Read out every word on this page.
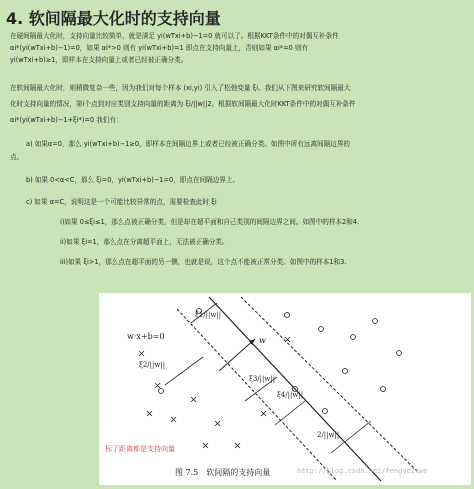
4. 软间隔最大化时的支持向量
在硬间隔最大化时，支持向量比较简单，就是满足 yi(wTxi+b)−1=0 就可以了。根据KKT条件中的对偶互补条件
αi*(yi(wTxi+b)−1)=0，如果 αi*>0 则有 yi(wTxi+b)=1 即点在支持向量上，否则如果 αi*=0 则有
yi(wTxi+b)≥1，即样本在支持向量上或者已经被正确分类。
在软间隔最大化时，则稍微复杂一些，因为我们对每个样本 (xi,yi) 引入了松弛变量 ξi。我们从下图来研究软间隔最大
化时支持向量的情况，第i个点到对应类别支持向量的距离为 ξi/||w||2。根据软间隔最大化时KKT条件中的对偶互补条件
αi*(yi(wTxi+b)−1+ξi*)=0 我们有：
a) 如果α=0，那么 yi(wTxi+b)−1≥0，即样本在间隔边界上或者已经被正确分类。如图中所有远离间隔边界的
点。
b) 如果 0<α<C，那么 ξi=0，yi(wTxi+b)−1=0，即点在间隔边界上。
c) 如果 α=C，说明这是一个可能比较异常的点，需要检查此时 ξi
i)如果 0≤ξi≤1，那么点被正确分类，但是却在超平面和自己类别的间隔边界之间。如图中的样本2和4.
ii)如果 ξi=1，那么点在分离超平面上，无法被正确分类。
iii)如果 ξi>1，那么点在超平面的另一侧，也就是说，这个点不能被正常分类。如图中的样本1和3.
w·x+b=0	w
ξ1/||w||
ξ2/||w||
ξ3/||w||
ξ4/||w||
2/||w||
标了距离都是支持向量
图 7.5　软间隔的支持向量	http://blog.csdn.net/fengye2two
